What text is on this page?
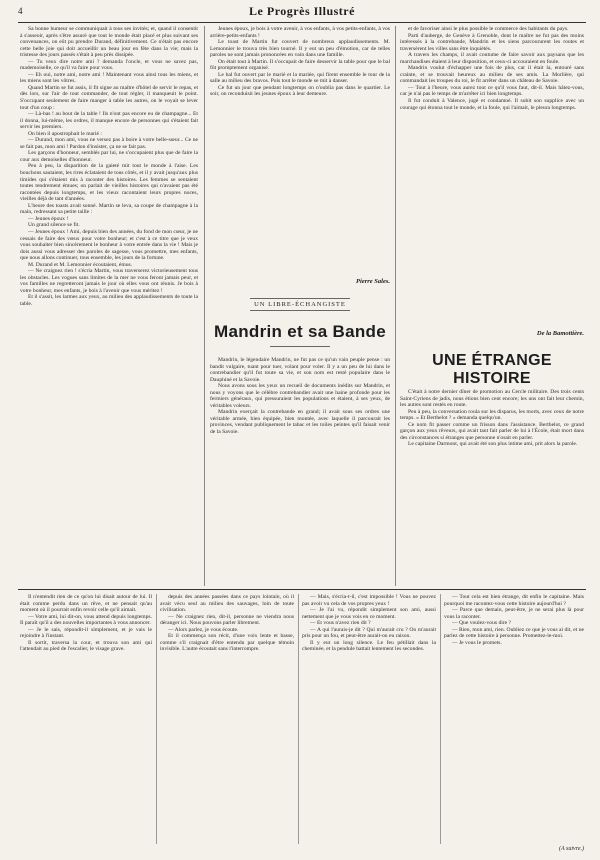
4	Le Progrès Illustré

Sa bonne humeur se communiquait à tous ses invités; et, quand il consentit à s'asseoir, après s'être assuré que tout le monde était placé et plus suivant ses convenances, on eût pu prendre Durand, définitivement. Ce n'était pas encore cette belle joie qui doit accueillir un beau jour en fête dans la vie; mais la tristesse des jours passés s'était à peu près dissipée.

— Tu veux dire notre ami ? demanda l'oncle, et vous ne savez pas, mademoiselle, ce qu'il va faire pour vous.

— Eh oui, notre ami, notre ami ! Maintenant vous ainsi tous les miens, et les miens sont les vôtres.

Quand Martin se fut assis, il fit signe au maître d'hôtel de servir le repas, et dès lors, sur l'air de tout commander, de tout régler, il manqueuit le point. S'occupant seulement de faire manger à table les autres, on le voyait se lever tout d'un coup :

— Là-bas ! au bout de la table ! Ils n'ont pas encore eu de champagne... Et il donna, lui-même, les ordres, il manque encore de personnes qui s'étaient fait servir les premiers.

On bien il apostrophait le marié :

— Durand, mon ami, vous ne versez pas à boire à votre belle-sœur... Ce ne se fait pas, mon ami ! Pardon d'insister, ça ne se fait pas.

Les garçons d'honneur, semblés par lui, ne s'occupaient plus que de faire la cour aux demoiselles d'honneur.

Peu à peu, la disparition de la gaieté mit tout le monde à l'aise. Les bouchons sautaient, les rires éclataient de tous côtés, et il y avait jusqu'aux plus timides qui s'étaient mis à raconter des histoires. Les femmes se sentaient toutes tendrement émues; on parlait de vieilles histoires qui n'avaient pas été racontées depuis longtemps, et les vieux racontaient leurs propres noces, vieilles déjà de tant d'années.

L'heure des toasts avait sonné. Martin se leva, sa coupe de champagne à la main, redressant sa petite taille :

— Jeunes époux !

Un grand silence se fit.

— Jeunes époux ! Ami, depuis bien des années, du fond de mon cœur, je ne cessais de faire des vœux pour votre bonheur; et c'est à ce titre que je veux vous souhaiter bien sincèrement le bonheur à votre entrée dans la vie ! Mais je dois aussi vous adresser des paroles de sagesse, vous promettre, mes enfants, que nous allons continuer, tous ensemble, les jours de la fortune.

M. Durand et M. Lemonnier écoutaient, émus.

— Ne craignez rien ! s'écria Martin, vous traverserez victorieusement tous les obstacles. Les vogues sans limites de la mer ne vous feront jamais peur, et vos familles ne regretteront jamais le jour où elles vous ont réunis. Je bois à votre bonheur, mes enfants, je bois à l'avenir que vous méritez !

Et il s'assit, les larmes aux yeux, au milieu des applaudissements de toute la table.

Jeunes époux, je bois à votre avenir, à vos enfants, à vos petits-enfants, à vos arrière-petits-enfants !

Le toast de Martin fut couvert de nombreux applaudissements. M. Lemonnier le trouva très bien tourné. Il y eut un peu d'émotion, car de telles paroles ne sont jamais prononcées en vain dans une famille.

On était tout à Martin. Il s'occupait de faire desservir la table pour que le bal fût promptement organisé.

Le bal fut ouvert par le marié et la mariée, qui firent ensemble le tour de la salle au milieu des bravos. Puis tout le monde se mit à danser.

Ce fut un jour que pendant longtemps on n'oublia pas dans le quartier. Le soir, on reconduisit les jeunes époux à leur demeure.

Pierre Sales.
UN LIBRE-ÉCHANGISTE
Mandrin et sa Bande

Mandrin, le légendaire Mandrin, ne fut pas ce qu'un vain peuple pense : un bandit vulgaire, tuant pour tuer, volant pour voler. Il y a un peu de lui dans le contrebandier qu'il fut toute sa vie, et son nom est resté populaire dans le Dauphiné et la Savoie.

Nous avons sous les yeux un recueil de documents inédits sur Mandrin, et nous y voyons que le célèbre contrebandier avait une haine profonde pour les fermiers généraux, qui pressuraient les populations et étaient, à ses yeux, de véritables voleurs.

Mandrin exerçait la contrebande en grand; il avait sous ses ordres une véritable armée, bien équipée, bien montée, avec laquelle il parcourait les provinces, vendant publiquement le tabac et les toiles peintes qu'il faisait venir de la Savoie.

et de favoriser ainsi le plus possible le commerce des habitants du pays.

Parti d'auberge, de Genève à Grenoble, dont le maître ne fut pas des moins intéressés à la contrebande, Mandrin et les siens parcoururent les routes et traversèrent les villes sans être inquiétés.

A travers les champs, il avait coutume de faire savoir aux paysans que les marchandises étaient à leur disposition, et ceux-ci accouraient en foule.

Mandrin voulut d'échapper une fois de plus, car il était la, entouré sans crainte, et se trouvait heureux au milieu de ses amis. La Morlière, qui commandait les troupes du roi, le fit arrêter dans un château de Savoie.

— Tout à l'heure, vous aurez tout ce qu'il vous faut, dit-il. Mais hâtez-vous, car je n'ai pas le temps de m'arrêter ici bien longtemps.

Il fut conduit à Valence, jugé et condamné. Il subit son supplice avec un courage qui étonna tout le monde, et la foule, qui l'aimait, le pleura longtemps.

De la Bamottière.
UNE ÉTRANGE HISTOIRE

C'était à notre dernier dîner de promotion au Cercle militaire. Des trois cents Saint-Cyriens de jadis, nous étions bien cent encore; les uns ont fait leur chemin, les autres sont restés en route.

Peu à peu, la conversation roula sur les disparus, les morts, avec ceux de notre temps. « Et Berthelot ? » demanda quelqu'un.

Ce nom fit passer comme un frisson dans l'assistance. Berthelot, ce grand garçon aux yeux rêveurs, qui avait tant fait parler de lui à l'École, était mort dans des circonstances si étranges que personne n'osait en parler.

Le capitaine Darmont, qui avait été son plus intime ami, prit alors la parole.

Il n'entendit rien de ce qu'on lui disait autour de lui. Il était comme perdu dans un rêve, et ne pensait qu'au moment où il pourrait enfin revoir celle qu'il aimait.

— Votre ami, lui dit-on, vous attend depuis longtemps. Il paraît qu'il a des nouvelles importantes à vous annoncer.

— Je le sais, répondit-il simplement, et je vais le rejoindre à l'instant.

Il sortit, traversa la cour, et trouva son ami qui l'attendait au pied de l'escalier, le visage grave.

depuis des années passées dans ce pays lointain, où il avait vécu seul au milieu des sauvages, loin de toute civilisation.

— Ne craignez rien, dit-il, personne ne viendra nous déranger ici. Nous pouvons parler librement.

— Alors parlez, je vous écoute.

Et il commença son récit, d'une voix lente et basse, comme s'il craignait d'être entendu par quelque témoin invisible. L'autre écoutait sans l'interrompre.

— Mais, s'écria-t-il, c'est impossible ! Vous ne pouvez pas avoir vu cela de vos propres yeux !

— Je l'ai vu, répondit simplement son ami, aussi nettement que je vous vois en ce moment.

— Et vous n'avez rien dit ?

— A qui l'aurais-je dit ? Qui m'aurait cru ? On m'aurait pris pour un fou, et peut-être aurait-on eu raison.

Il y eut un long silence. Le feu pétillait dans la cheminée, et la pendule battait lentement les secondes.

— Tout cela est bien étrange, dit enfin le capitaine. Mais pourquoi me racontez-vous cette histoire aujourd'hui ?

— Parce que demain, peut-être, je ne serai plus là pour vous la raconter.

— Que voulez-vous dire ?

— Rien, mon ami, rien. Oubliez ce que je vous ai dit, et ne parlez de cette histoire à personne. Promettez-le-moi.

— Je vous le promets.

(A suivre.)
